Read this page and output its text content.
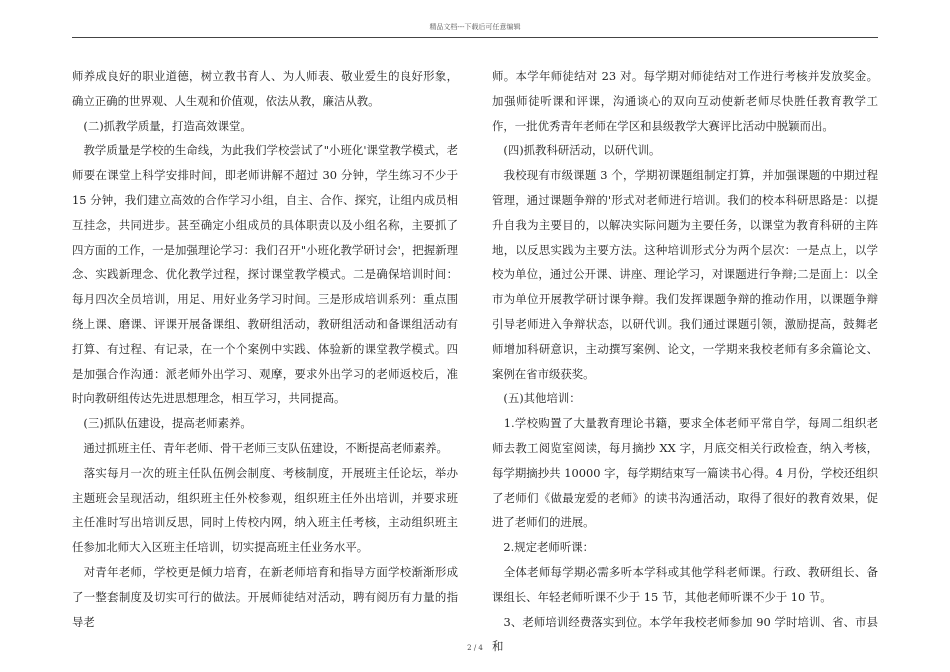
精品文档---下载后可任意编辑

师养成良好的职业道德，树立教书育人、为人师表、敬业爱生的良好形象，确立正确的世界观、人生观和价值观，依法从教，廉洁从教。

　(二)抓教学质量，打造高效课堂。

　教学质量是学校的生命线，为此我们学校尝试了"小班化'课堂教学模式，老师要在课堂上科学安排时间，即老师讲解不超过 30 分钟，学生练习不少于 15 分钟，我们建立高效的合作学习小组，自主、合作、探究，让组内成员相互挂念，共同进步。甚至确定小组成员的具体职责以及小组名称，主要抓了四方面的工作，一是加强理论学习：我们召开"小班化教学研讨会'，把握新理念、实践新理念、优化教学过程，探讨课堂教学模式。二是确保培训时间：每月四次全员培训，用足、用好业务学习时间。三是形成培训系列：重点围绕上课、磨课、评课开展备课组、教研组活动，教研组活动和备课组活动有打算、有过程、有记录，在一个个案例中实践、体验新的课堂教学模式。四是加强合作沟通：派老师外出学习、观摩，要求外出学习的老师返校后，准时向教研组传达先进思想理念，相互学习，共同提高。

　(三)抓队伍建设，提高老师素养。

　通过抓班主任、青年老师、骨干老师三支队伍建设，不断提高老师素养。

　落实每月一次的班主任队伍例会制度、考核制度，开展班主任论坛，举办主题班会呈现活动，组织班主任外校参观，组织班主任外出培训，并要求班主任准时写出培训反思，同时上传校内网，纳入班主任考核，主动组织班主任参加北师大入区班主任培训，切实提高班主任业务水平。

　对青年老师，学校更是倾力培育，在新老师培育和指导方面学校渐渐形成了一整套制度及切实可行的做法。开展师徒结对活动，聘有阅历有力量的指导老

师。本学年师徒结对 23 对。每学期对师徒结对工作进行考核并发放奖金。加强师徒听课和评课，沟通谈心的双向互动使新老师尽快胜任教育教学工作，一批优秀青年老师在学区和县级教学大赛评比活动中脱颖而出。

　(四)抓教科研活动，以研代训。

　我校现有市级课题 3 个，学期初课题组制定打算，并加强课题的中期过程管理，通过课题争辩的'形式对老师进行培训。我们的校本科研思路是：以提升自我为主要目的，以解决实际问题为主要任务，以课堂为教育科研的主阵地，以反思实践为主要方法。这种培训形式分为两个层次：一是点上，以学校为单位，通过公开课、讲座、理论学习，对课题进行争辩;二是面上：以全市为单位开展教学研讨课争辩。我们发挥课题争辩的推动作用，以课题争辩引导老师进入争辩状态，以研代训。我们通过课题引领，激励提高，鼓舞老师增加科研意识，主动撰写案例、论文，一学期来我校老师有多余篇论文、案例在省市级获奖。

　(五)其他培训：

　1.学校购置了大量教育理论书籍，要求全体老师平常自学，每周二组织老师去教工阅览室阅读，每月摘抄 XX 字，月底交相关行政检查，纳入考核，每学期摘抄共 10000 字，每学期结束写一篇读书心得。4 月份，学校还组织了老师们《做最宠爱的老师》的读书沟通活动，取得了很好的教育效果，促进了老师们的进展。

　2.规定老师听课：

　全体老师每学期必需多听本学科或其他学科老师课。行政、教研组长、备课组长、年轻老师听课不少于 15 节，其他老师听课不少于 10 节。

　3、老师培训经费落实到位。本学年我校老师参加 90 学时培训、省、市县和

2 / 4
